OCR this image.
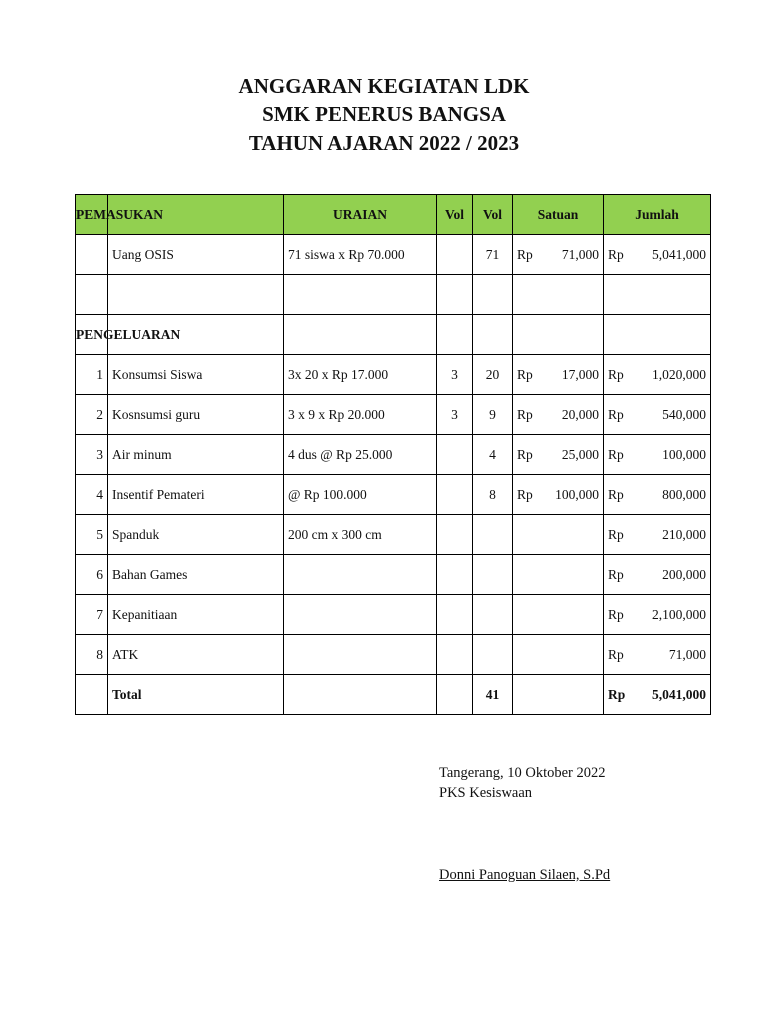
ANGGARAN KEGIATAN LDK
SMK PENERUS BANGSA
TAHUN AJARAN 2022 / 2023
PEMASUKAN		URAIAN	Vol	Vol	Satuan	Jumlah
	Uang OSIS	71 siswa x Rp 70.000		71	Rp 71,000	Rp 5,041,000

PENGELUARAN						

1	Konsumsi Siswa	3x 20 x Rp 17.000	3	20	Rp 17,000	Rp 1,020,000

2	Kosnsumsi guru	3 x 9 x Rp 20.000	3	9	Rp 20,000	Rp 540,000

3	Air minum	4 dus @ Rp 25.000		4	Rp 25,000	Rp 100,000

4	Insentif Pemateri	@ Rp 100.000		8	Rp 100,000	Rp 800,000

5	Spanduk	200 cm x 300 cm				Rp 210,000

6	Bahan Games					Rp 200,000

7	Kepanitiaan					Rp 2,100,000

8	ATK					Rp 71,000

	Total			41		Rp 5,041,000
Tangerang, 10 Oktober 2022
PKS Kesiswaan
Donni Panoguan Silaen, S.Pd
